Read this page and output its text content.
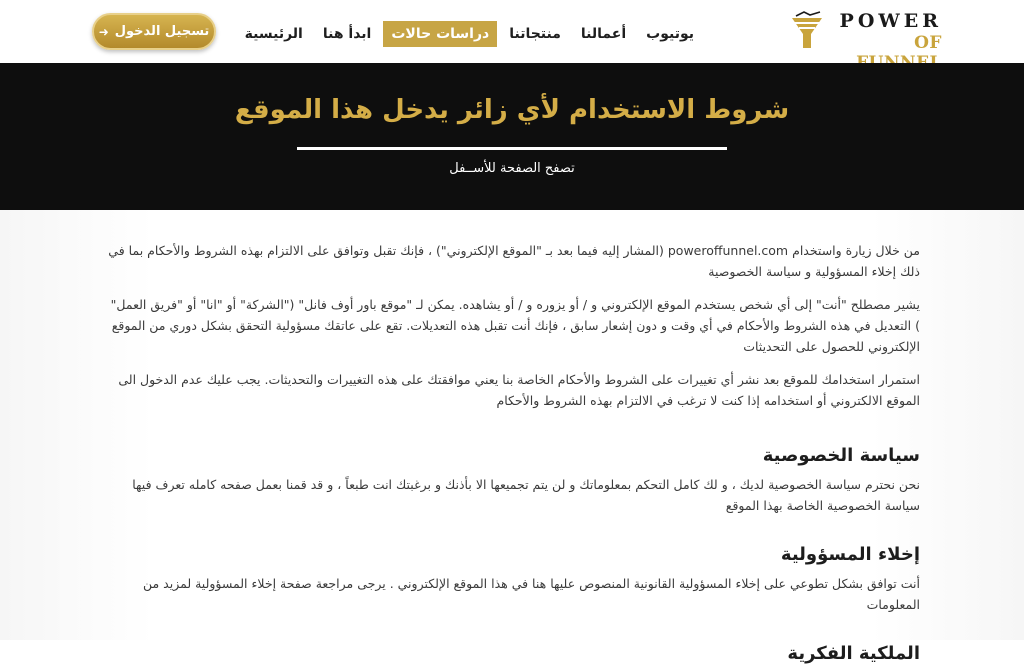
POWER
OF
الرئيسية	ابدأ هنا	دراسات حالات	منتجاتنا	أعمالنا	يوتيوب
تسجيل الدخول
➜
شروط الاستخدام لأي زائر يدخل هذا الموقع
تصفح الصفحة للأســفل

من خلال زيارة واستخدام poweroffunnel.com (المشار إليه فيما بعد بـ "الموقع الإلكتروني") ، فإنك تقبل وتوافق على الالتزام بهذه الشروط والأحكام بما في ذلك إخلاء المسؤولية و سياسة الخصوصية

يشير مصطلح "أنت" إلى أي شخص يستخدم الموقع الإلكتروني و / أو يزوره و / أو يشاهده. يمكن لـ "موقع باور أوف فانل" ("الشركة" أو "انا" أو "فريق العمل" ) التعديل في هذه الشروط والأحكام في أي وقت و دون إشعار سابق ، فإنك أنت تقبل هذه التعديلات. تقع على عاتقك مسؤولية التحقق بشكل دوري من الموقع الإلكتروني للحصول على التحديثات

استمرار استخدامك للموقع بعد نشر أي تغييرات على الشروط والأحكام الخاصة بنا يعني موافقتك على هذه التغييرات والتحديثات. يجب عليك عدم الدخول الى الموقع الالكتروني أو استخدامه إذا كنت لا ترغب في الالتزام بهذه الشروط والأحكام

سياسة الخصوصية

نحن نحترم سياسة الخصوصية لديك ، و لك كامل التحكم بمعلوماتك و لن يتم تجميعها الا بأذنك و برغبتك انت طبعاً ، و قد قمنا بعمل صفحه كامله تعرف فيها سياسة الخصوصية الخاصة بهذا الموقع

إخلاء المسؤولية

أنت توافق بشكل تطوعي على إخلاء المسؤولية القانونية المنصوص عليها هنا في هذا الموقع الإلكتروني . يرجى مراجعة صفحة إخلاء المسؤولية لمزيد من المعلومات

الملكية الفكرية
